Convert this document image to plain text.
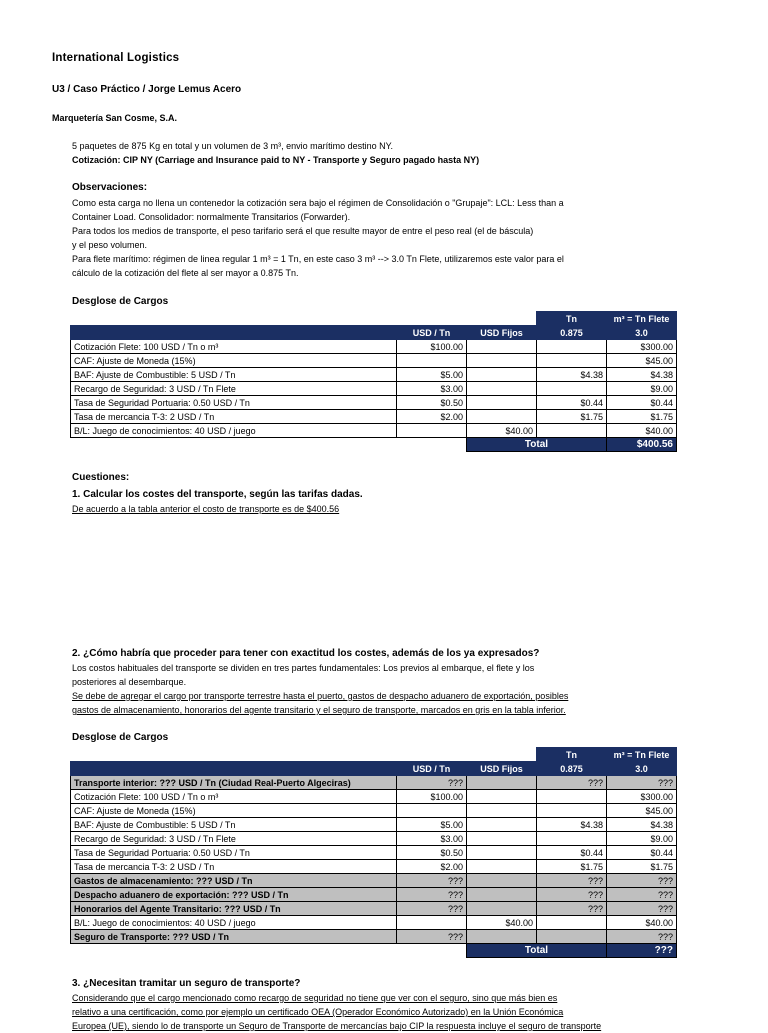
International Logistics
U3 / Caso Práctico / Jorge Lemus Acero
Marquetería San Cosme, S.A.
5 paquetes de 875 Kg en total y un volumen de 3 m³, envio marítimo destino NY.
Cotización: CIP NY (Carriage and Insurance paid to NY - Transporte y Seguro pagado hasta NY)
Observaciones:
Como esta carga no llena un contenedor la cotización sera bajo el régimen de Consolidación o "Grupaje": LCL: Less than a
Container Load. Consolidador: normalmente Transitarios (Forwarder).
Para todos los medios de transporte, el peso tarifario será el que resulte mayor de entre el peso real (el de báscula)
y el peso volumen.
Para flete marítimo: régimen de linea regular 1 m³ = 1 Tn, en este caso 3 m³ --> 3.0 Tn Flete, utilizaremos este valor para el
cálculo de la cotización del flete al ser mayor a 0.875 Tn.
Desglose de Cargos
			Tn	m³ = Tn Flete
	USD / Tn	USD Fijos	0.875	3.0
Cotización Flete: 100 USD / Tn o m³	$100.00			$300.00
CAF: Ajuste de Moneda (15%)				$45.00
BAF: Ajuste de Combustible: 5 USD / Tn	$5.00		$4.38	$4.38
Recargo de Seguridad: 3 USD / Tn Flete	$3.00			$9.00
Tasa de Seguridad Portuaria: 0.50 USD / Tn	$0.50		$0.44	$0.44
Tasa de mercancia T-3: 2 USD / Tn	$2.00		$1.75	$1.75
B/L: Juego de conocimientos: 40 USD / juego		$40.00		$40.00
		Total		$400.56
Cuestiones:
1. Calcular los costes del transporte, según las tarifas dadas.
De acuerdo a la tabla anterior el costo de transporte es de $400.56
2. ¿Cómo habría que proceder para tener con exactitud los costes, además de los ya expresados?
Los costos habituales del transporte se dividen en tres partes fundamentales: Los previos al embarque, el flete y los
posteriores al desembarque.
Se debe de agregar el cargo por transporte terrestre hasta el puerto, gastos de despacho aduanero de exportación, posibles
gastos de almacenamiento, honorarios del agente transitario y el seguro de transporte, marcados en gris en la tabla inferior.
Desglose de Cargos
			Tn	m³ = Tn Flete
	USD / Tn	USD Fijos	0.875	3.0
Transporte interior: ??? USD / Tn (Ciudad Real-Puerto Algeciras)	???		???	???
Cotización Flete: 100 USD / Tn o m³	$100.00			$300.00
CAF: Ajuste de Moneda (15%)				$45.00
BAF: Ajuste de Combustible: 5 USD / Tn	$5.00		$4.38	$4.38
Recargo de Seguridad: 3 USD / Tn Flete	$3.00			$9.00
Tasa de Seguridad Portuaria: 0.50 USD / Tn	$0.50		$0.44	$0.44
Tasa de mercancia T-3: 2 USD / Tn	$2.00		$1.75	$1.75
Gastos de almacenamiento: ??? USD / Tn	???		???	???
Despacho aduanero de exportación: ??? USD / Tn	???		???	???
Honorarios del Agente Transitario: ??? USD / Tn	???		???	???
B/L: Juego de conocimientos: 40 USD / juego		$40.00		$40.00
Seguro de Transporte: ??? USD / Tn	???			???
		Total		???
3. ¿Necesitan tramitar un seguro de transporte?
Considerando que el cargo mencionado como recargo de seguridad no tiene que ver con el seguro, sino que más bien es
relativo a una certificación, como por ejemplo un certificado OEA (Operador Económico Autorizado) en la Unión Económica
Europea (UE), siendo lo de transporte un Seguro de Transporte de mercancías bajo CIP la respuesta incluye el seguro de transporte
